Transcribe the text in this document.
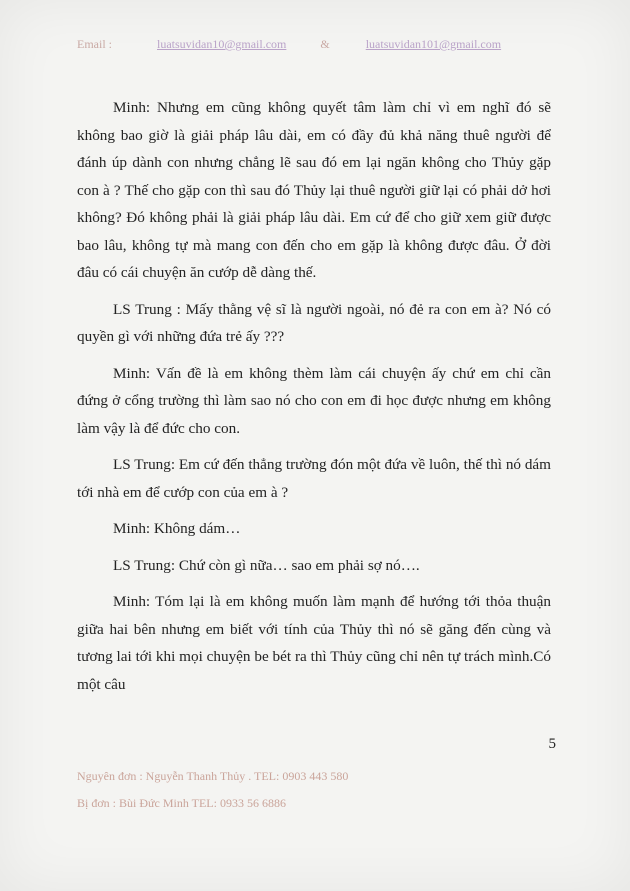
Email :	luatsuvidan10@gmail.com	&	luatsuvidan101@gmail.com

Minh: Nhưng em cũng không quyết tâm làm chỉ vì em nghĩ đó sẽ không bao giờ là giải pháp lâu dài, em có đầy đủ khả năng thuê người để đánh úp dành con nhưng chẳng lẽ sau đó em lại ngăn không cho Thủy gặp con à ? Thế cho gặp con thì sau đó Thủy lại thuê người giữ lại có phải dở hơi không? Đó không phải là giải pháp lâu dài. Em cứ để cho giữ xem giữ được bao lâu, không tự mà mang con đến cho em gặp là không được đâu. Ở đời đâu có cái chuyện ăn cướp dễ dàng thế.

LS Trung : Mấy thằng vệ sĩ là người ngoài, nó đẻ ra con em à? Nó có quyền gì với những đứa trẻ ấy ???

Minh: Vấn đề là em không thèm làm cái chuyện ấy chứ em chỉ cần đứng ở cổng trường thì làm sao nó cho con em đi học được nhưng em không làm vậy là để đức cho con.

LS Trung: Em cứ đến thẳng trường đón một đứa về luôn, thế thì nó dám tới nhà em để cướp con của em à ?

Minh: Không dám…

LS Trung: Chứ còn gì nữa… sao em phải sợ nó….

Minh: Tóm lại là em không muốn làm mạnh để hướng tới thỏa thuận giữa hai bên nhưng em biết với tính của Thủy thì nó sẽ găng đến cùng và tương lai tới khi mọi chuyện be bét ra thì Thủy cũng chỉ nên tự trách mình.Có một câu

5
Nguyên đơn : Nguyễn Thanh Thủy . TEL: 0903 443 580
Bị đơn : Bùi Đức Minh TEL: 0933 56 6886
